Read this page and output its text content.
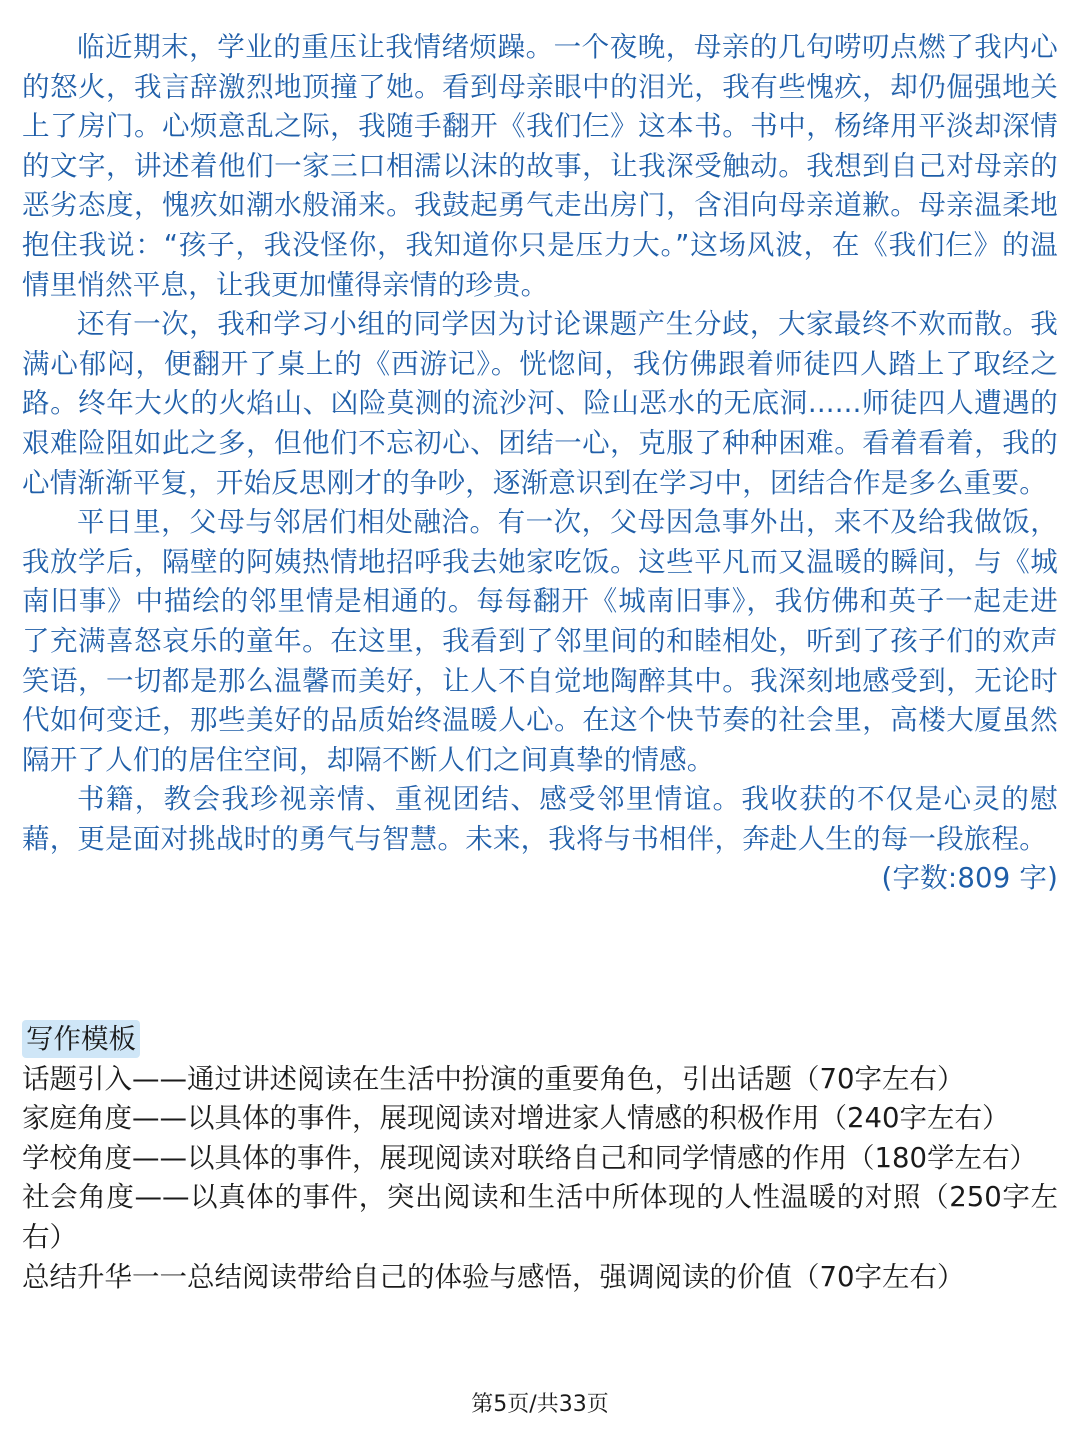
临近期末，学业的重压让我情绪烦躁。一个夜晚，母亲的几句唠叨点燃了我内心的怒火，我言辞激烈地顶撞了她。看到母亲眼中的泪光，我有些愧疚，却仍倔强地关上了房门。心烦意乱之际，我随手翻开《我们仨》这本书。书中，杨绛用平淡却深情的文字，讲述着他们一家三口相濡以沫的故事，让我深受触动。我想到自己对母亲的恶劣态度，愧疚如潮水般涌来。我鼓起勇气走出房门，含泪向母亲道歉。母亲温柔地抱住我说：“孩子，我没怪你，我知道你只是压力大。”这场风波，在《我们仨》的温情里悄然平息，让我更加懂得亲情的珍贵。

还有一次，我和学习小组的同学因为讨论课题产生分歧，大家最终不欢而散。我满心郁闷，便翻开了桌上的《西游记》。恍惚间，我仿佛跟着师徒四人踏上了取经之路。终年大火的火焰山、凶险莫测的流沙河、险山恶水的无底洞......师徒四人遭遇的艰难险阻如此之多，但他们不忘初心、团结一心，克服了种种困难。看着看着，我的心情渐渐平复，开始反思刚才的争吵，逐渐意识到在学习中，团结合作是多么重要。

平日里，父母与邻居们相处融洽。有一次，父母因急事外出，来不及给我做饭，我放学后，隔壁的阿姨热情地招呼我去她家吃饭。这些平凡而又温暖的瞬间，与《城南旧事》中描绘的邻里情是相通的。每每翻开《城南旧事》，我仿佛和英子一起走进了充满喜怒哀乐的童年。在这里，我看到了邻里间的和睦相处，听到了孩子们的欢声笑语，一切都是那么温馨而美好，让人不自觉地陶醉其中。我深刻地感受到，无论时代如何变迁，那些美好的品质始终温暖人心。在这个快节奏的社会里，高楼大厦虽然隔开了人们的居住空间，却隔不断人们之间真挚的情感。

书籍，教会我珍视亲情、重视团结、感受邻里情谊。我收获的不仅是心灵的慰藉，更是面对挑战时的勇气与智慧。未来，我将与书相伴，奔赴人生的每一段旅程。

(字数:809 字)

写作模板

话题引入——通过讲述阅读在生活中扮演的重要角色，引出话题（70字左右）

家庭角度——以具体的事件，展现阅读对增进家人情感的积极作用（240字左右）

学校角度——以具体的事件，展现阅读对联络自己和同学情感的作用（180学左右）

社会角度——以真体的事件，突出阅读和生活中所体现的人性温暖的对照（250字左右）

总结升华一一总结阅读带给自己的体验与感悟，强调阅读的价值（70字左右）

第5页/共33页
